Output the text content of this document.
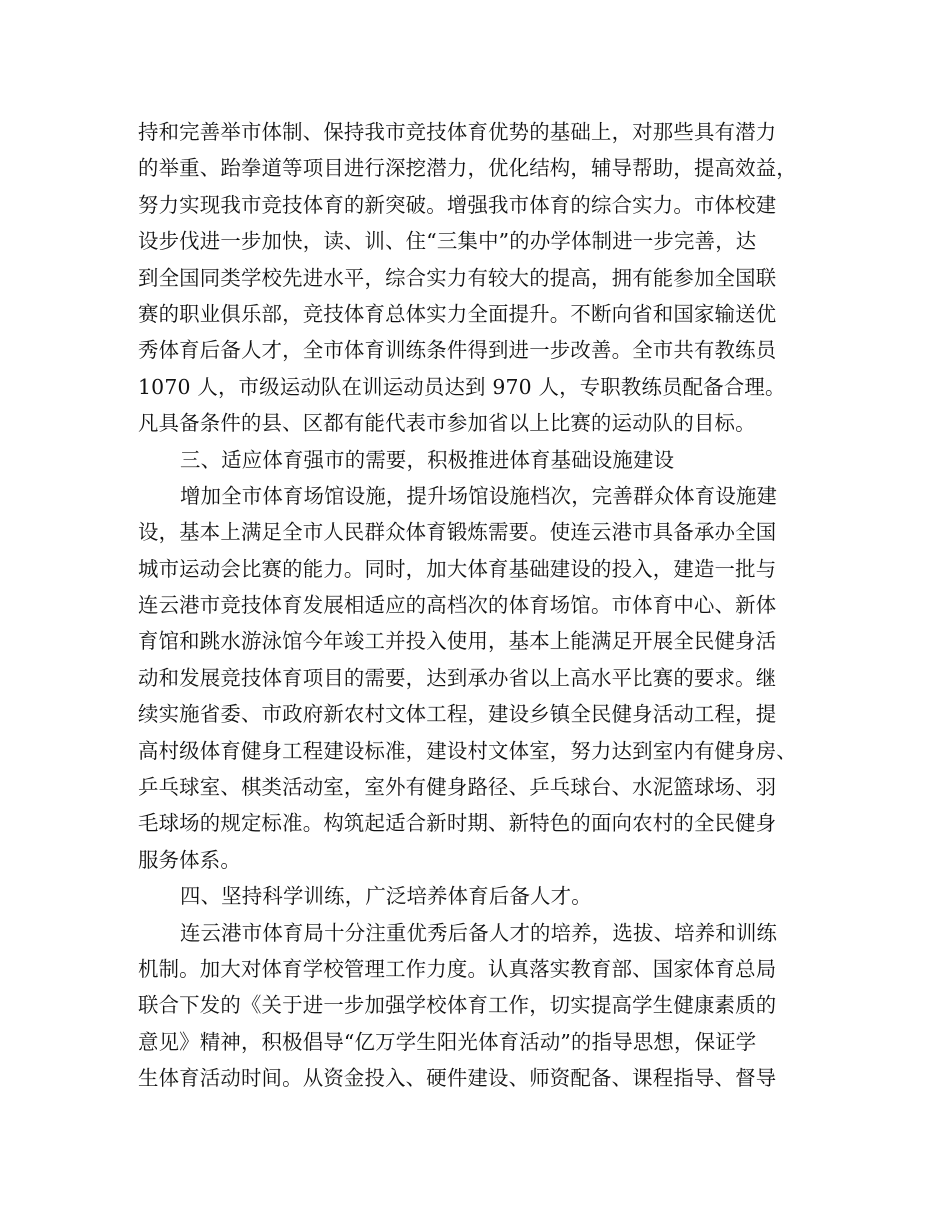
持和完善举市体制、保持我市竞技体育优势的基础上，对那些具有潜力
的举重、跆拳道等项目进行深挖潜力，优化结构，辅导帮助，提高效益，
努力实现我市竞技体育的新突破。增强我市体育的综合实力。市体校建
设步伐进一步加快，读、训、住“三集中”的办学体制进一步完善，达
到全国同类学校先进水平，综合实力有较大的提高，拥有能参加全国联
赛的职业俱乐部，竞技体育总体实力全面提升。不断向省和国家输送优
秀体育后备人才，全市体育训练条件得到进一步改善。全市共有教练员
1070 人，市级运动队在训运动员达到 970 人，专职教练员配备合理。
凡具备条件的县、区都有能代表市参加省以上比赛的运动队的目标。
三、适应体育强市的需要，积极推进体育基础设施建设
增加全市体育场馆设施，提升场馆设施档次，完善群众体育设施建
设，基本上满足全市人民群众体育锻炼需要。使连云港市具备承办全国
城市运动会比赛的能力。同时，加大体育基础建设的投入，建造一批与
连云港市竞技体育发展相适应的高档次的体育场馆。市体育中心、新体
育馆和跳水游泳馆今年竣工并投入使用，基本上能满足开展全民健身活
动和发展竞技体育项目的需要，达到承办省以上高水平比赛的要求。继
续实施省委、市政府新农村文体工程，建设乡镇全民健身活动工程，提
高村级体育健身工程建设标准，建设村文体室，努力达到室内有健身房、
乒乓球室、棋类活动室，室外有健身路径、乒乓球台、水泥篮球场、羽
毛球场的规定标准。构筑起适合新时期、新特色的面向农村的全民健身
服务体系。
四、坚持科学训练，广泛培养体育后备人才。
连云港市体育局十分注重优秀后备人才的培养，选拔、培养和训练
机制。加大对体育学校管理工作力度。认真落实教育部、国家体育总局
联合下发的《关于进一步加强学校体育工作，切实提高学生健康素质的
意见》精神，积极倡导“亿万学生阳光体育活动”的指导思想，保证学
生体育活动时间。从资金投入、硬件建设、师资配备、课程指导、督导
